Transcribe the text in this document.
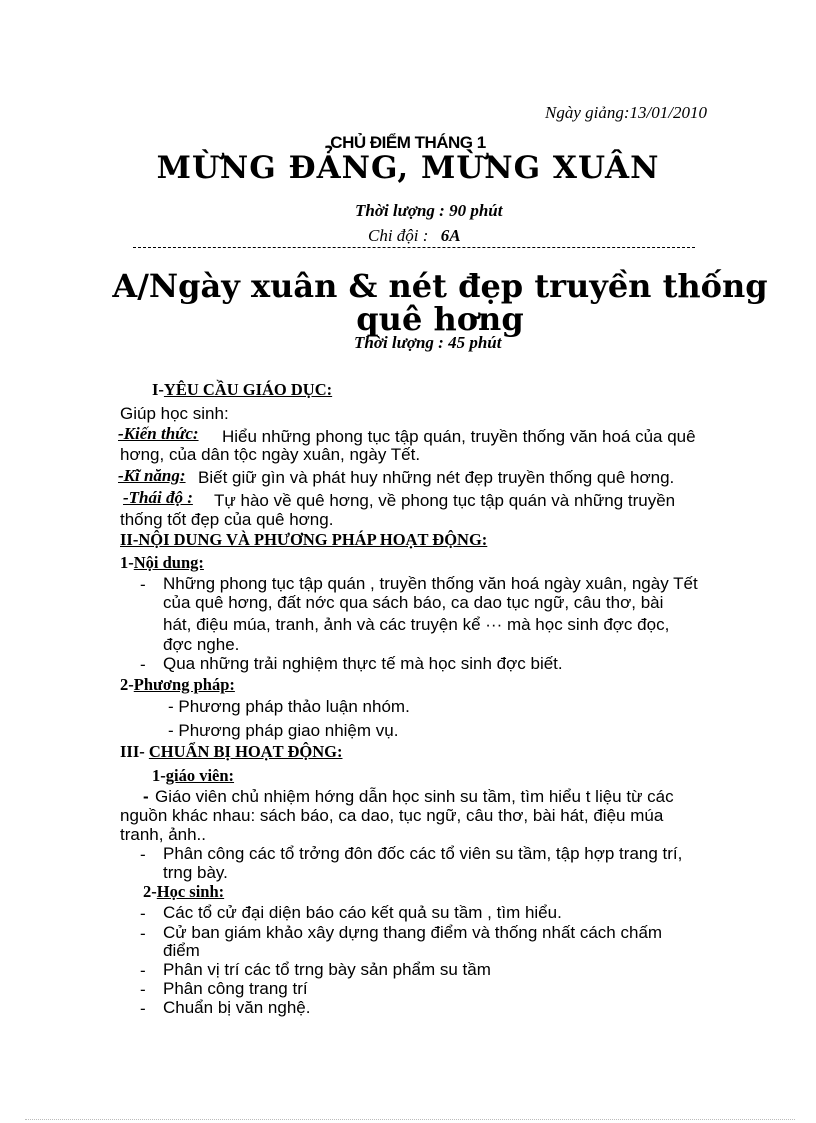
Ngày giảng:13/01/2010
CHỦ ĐIỂM THÁNG 1
MỪNG ĐẢNG, MỪNG XUÂN
Thời lượng : 90 phút
Chi đội : 6A
A/Ngày xuân & nét đẹp truyền thống
quê hơng
Thời lượng : 45 phút
I-YÊU CẦU GIÁO DỤC:
Giúp học sinh:
-Kiến thức: Hiểu những phong tục tập quán, truyền thống văn hoá của quê
hơng, của dân tộc ngày xuân, ngày Tết.
-Kĩ năng: Biết giữ gìn và phát huy những nét đẹp truyền thống quê hơng.
-Thái độ : Tự hào về quê hơng, về phong tục tập quán và những truyền
thống tốt đẹp của quê hơng.
II-NỘI DUNG VÀ PHƯƠNG PHÁP HOẠT ĐỘNG:
1-Nội dung:
- Những phong tục tập quán , truyền thống văn hoá ngày xuân, ngày Tết
của quê hơng, đất nớc qua sách báo, ca dao tục ngữ, câu thơ, bài
hát, điệu múa, tranh, ảnh và các truyện kể ··· mà học sinh đợc đọc,
đợc nghe.
- Qua những trải nghiệm thực tế mà học sinh đợc biết.
2-Phương pháp:
- Phương pháp thảo luận nhóm.
- Phương pháp giao nhiệm vụ.
III- CHUẨN BỊ HOẠT ĐỘNG:
1-giáo viên:
- Giáo viên chủ nhiệm hớng dẫn học sinh su tầm, tìm hiểu t liệu từ các
nguồn khác nhau: sách báo, ca dao, tục ngữ, câu thơ, bài hát, điệu múa
tranh, ảnh..
- Phân công các tổ trởng đôn đốc các tổ viên su tầm, tập hợp trang trí,
trng bày.
2-Học sinh:
- Các tổ cử đại diện báo cáo kết quả su tầm , tìm hiểu.
- Cử ban giám khảo xây dựng thang điểm và thống nhất cách chấm
điểm
- Phân vị trí các tổ trng bày sản phẩm su tầm
- Phân công trang trí
- Chuẩn bị văn nghệ.
